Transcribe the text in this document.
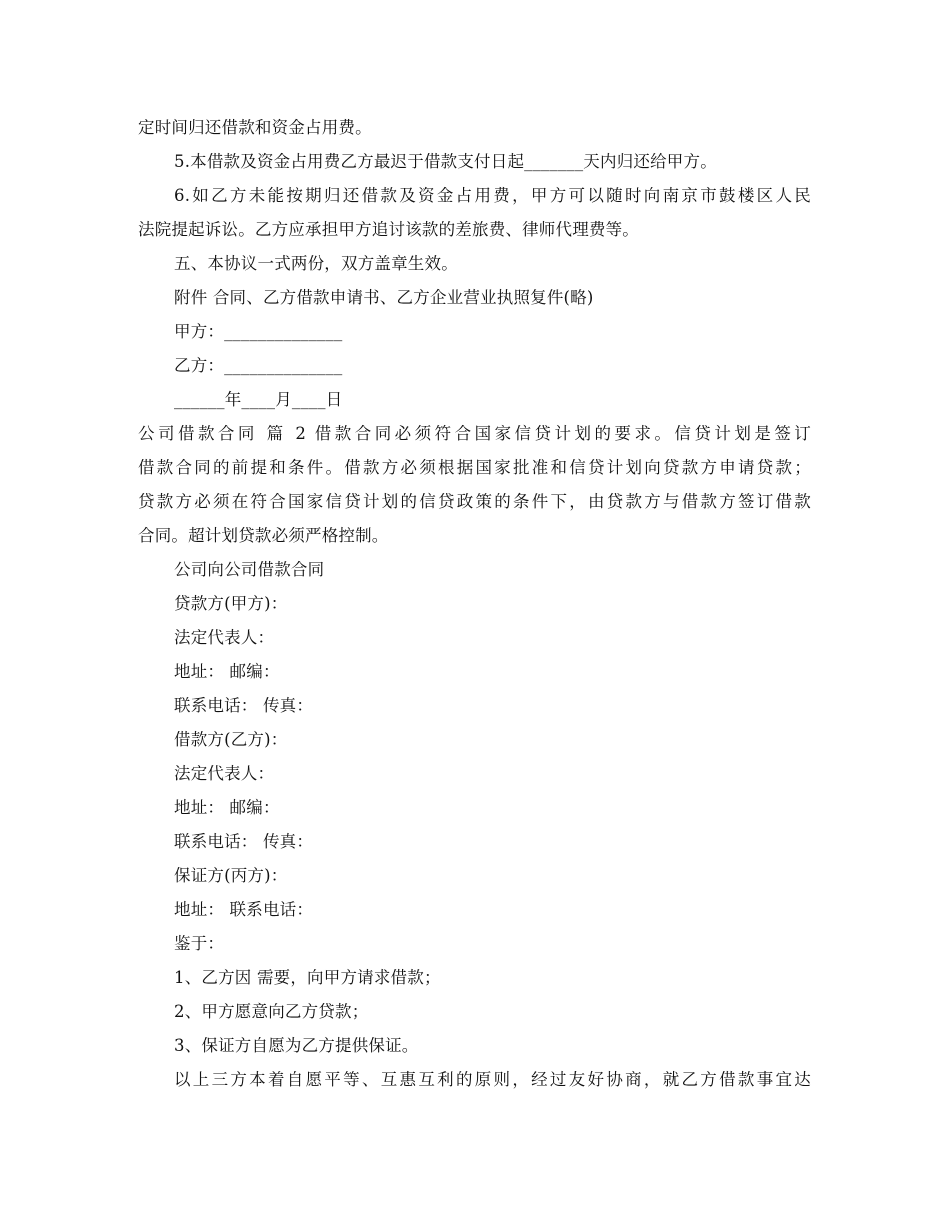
定时间归还借款和资金占用费。
5.本借款及资金占用费乙方最迟于借款支付日起_______天内归还给甲方。
6.如乙方未能按期归还借款及资金占用费，甲方可以随时向南京市鼓楼区人民
法院提起诉讼。乙方应承担甲方追讨该款的差旅费、律师代理费等。
五、本协议一式两份，双方盖章生效。
附件 合同、乙方借款申请书、乙方企业营业执照复件(略)
甲方：______________
乙方：______________
______年____月____日
公司借款合同 篇 2 借款合同必须符合国家信贷计划的要求。信贷计划是签订
借款合同的前提和条件。借款方必须根据国家批准和信贷计划向贷款方申请贷款；
贷款方必须在符合国家信贷计划的信贷政策的条件下，由贷款方与借款方签订借款
合同。超计划贷款必须严格控制。
公司向公司借款合同
贷款方(甲方)：
法定代表人：
地址： 邮编：
联系电话： 传真：
借款方(乙方)：
法定代表人：
地址： 邮编：
联系电话： 传真：
保证方(丙方)：
地址： 联系电话：
鉴于：
1、乙方因 需要，向甲方请求借款；
2、甲方愿意向乙方贷款；
3、保证方自愿为乙方提供保证。
以上三方本着自愿平等、互惠互利的原则，经过友好协商，就乙方借款事宜达
